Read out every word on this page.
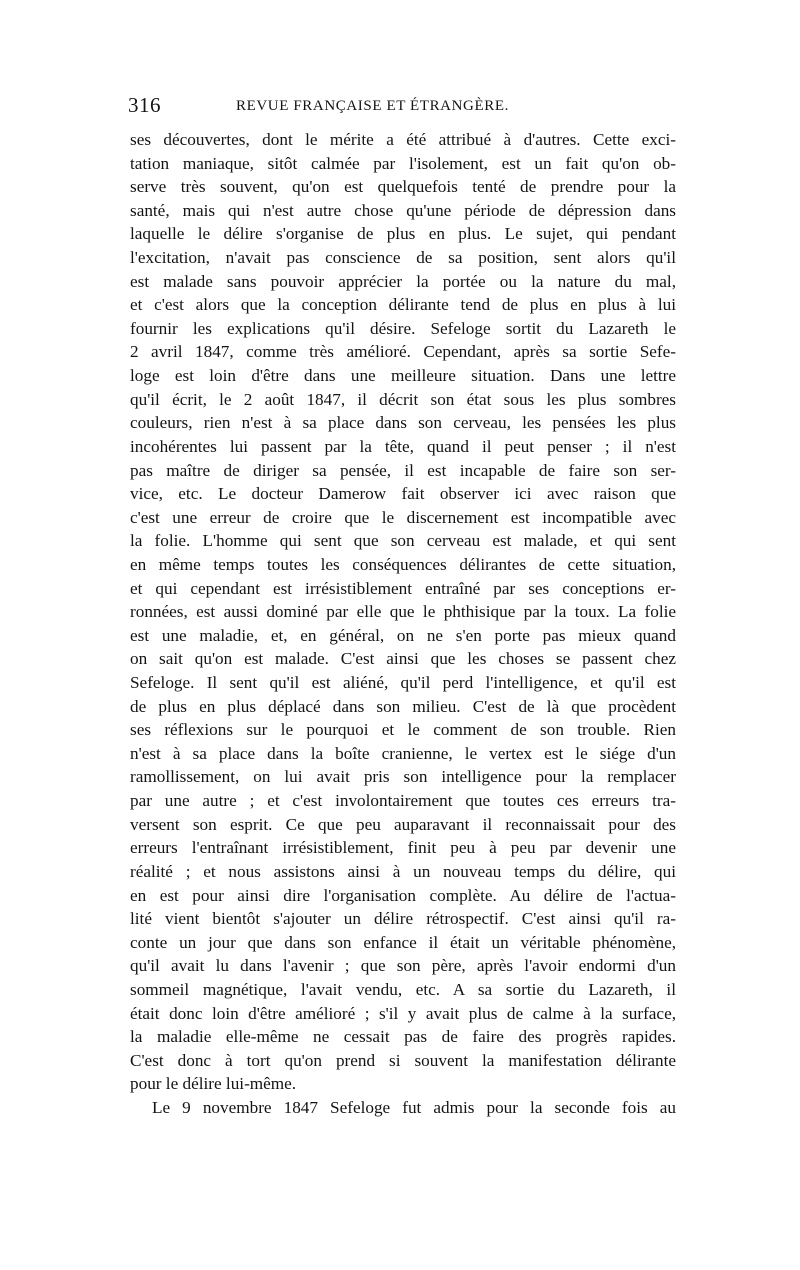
316	REVUE FRANÇAISE ET ÉTRANGÈRE.
ses découvertes, dont le mérite a été attribué à d'autres. Cette exci-
tation maniaque, sitôt calmée par l'isolement, est un fait qu'on ob-
serve très souvent, qu'on est quelquefois tenté de prendre pour la
santé, mais qui n'est autre chose qu'une période de dépression dans
laquelle le délire s'organise de plus en plus. Le sujet, qui pendant
l'excitation, n'avait pas conscience de sa position, sent alors qu'il
est malade sans pouvoir apprécier la portée ou la nature du mal,
et c'est alors que la conception délirante tend de plus en plus à lui
fournir les explications qu'il désire. Sefeloge sortit du Lazareth le
2 avril 1847, comme très amélioré. Cependant, après sa sortie Sefe-
loge est loin d'être dans une meilleure situation. Dans une lettre
qu'il écrit, le 2 août 1847, il décrit son état sous les plus sombres
couleurs, rien n'est à sa place dans son cerveau, les pensées les plus
incohérentes lui passent par la tête, quand il peut penser ; il n'est
pas maître de diriger sa pensée, il est incapable de faire son ser-
vice, etc. Le docteur Damerow fait observer ici avec raison que
c'est une erreur de croire que le discernement est incompatible avec
la folie. L'homme qui sent que son cerveau est malade, et qui sent
en même temps toutes les conséquences délirantes de cette situation,
et qui cependant est irrésistiblement entraîné par ses conceptions er-
ronnées, est aussi dominé par elle que le phthisique par la toux. La folie
est une maladie, et, en général, on ne s'en porte pas mieux quand
on sait qu'on est malade. C'est ainsi que les choses se passent chez
Sefeloge. Il sent qu'il est aliéné, qu'il perd l'intelligence, et qu'il est
de plus en plus déplacé dans son milieu. C'est de là que procèdent
ses réflexions sur le pourquoi et le comment de son trouble. Rien
n'est à sa place dans la boîte cranienne, le vertex est le siége d'un
ramollissement, on lui avait pris son intelligence pour la remplacer
par une autre ; et c'est involontairement que toutes ces erreurs tra-
versent son esprit. Ce que peu auparavant il reconnaissait pour des
erreurs l'entraînant irrésistiblement, finit peu à peu par devenir une
réalité ; et nous assistons ainsi à un nouveau temps du délire, qui
en est pour ainsi dire l'organisation complète. Au délire de l'actua-
lité vient bientôt s'ajouter un délire rétrospectif. C'est ainsi qu'il ra-
conte un jour que dans son enfance il était un véritable phénomène,
qu'il avait lu dans l'avenir ; que son père, après l'avoir endormi d'un
sommeil magnétique, l'avait vendu, etc. A sa sortie du Lazareth, il
était donc loin d'être amélioré ; s'il y avait plus de calme à la surface,
la maladie elle-même ne cessait pas de faire des progrès rapides.
C'est donc à tort qu'on prend si souvent la manifestation délirante
pour le délire lui-même.
Le 9 novembre 1847 Sefeloge fut admis pour la seconde fois au
